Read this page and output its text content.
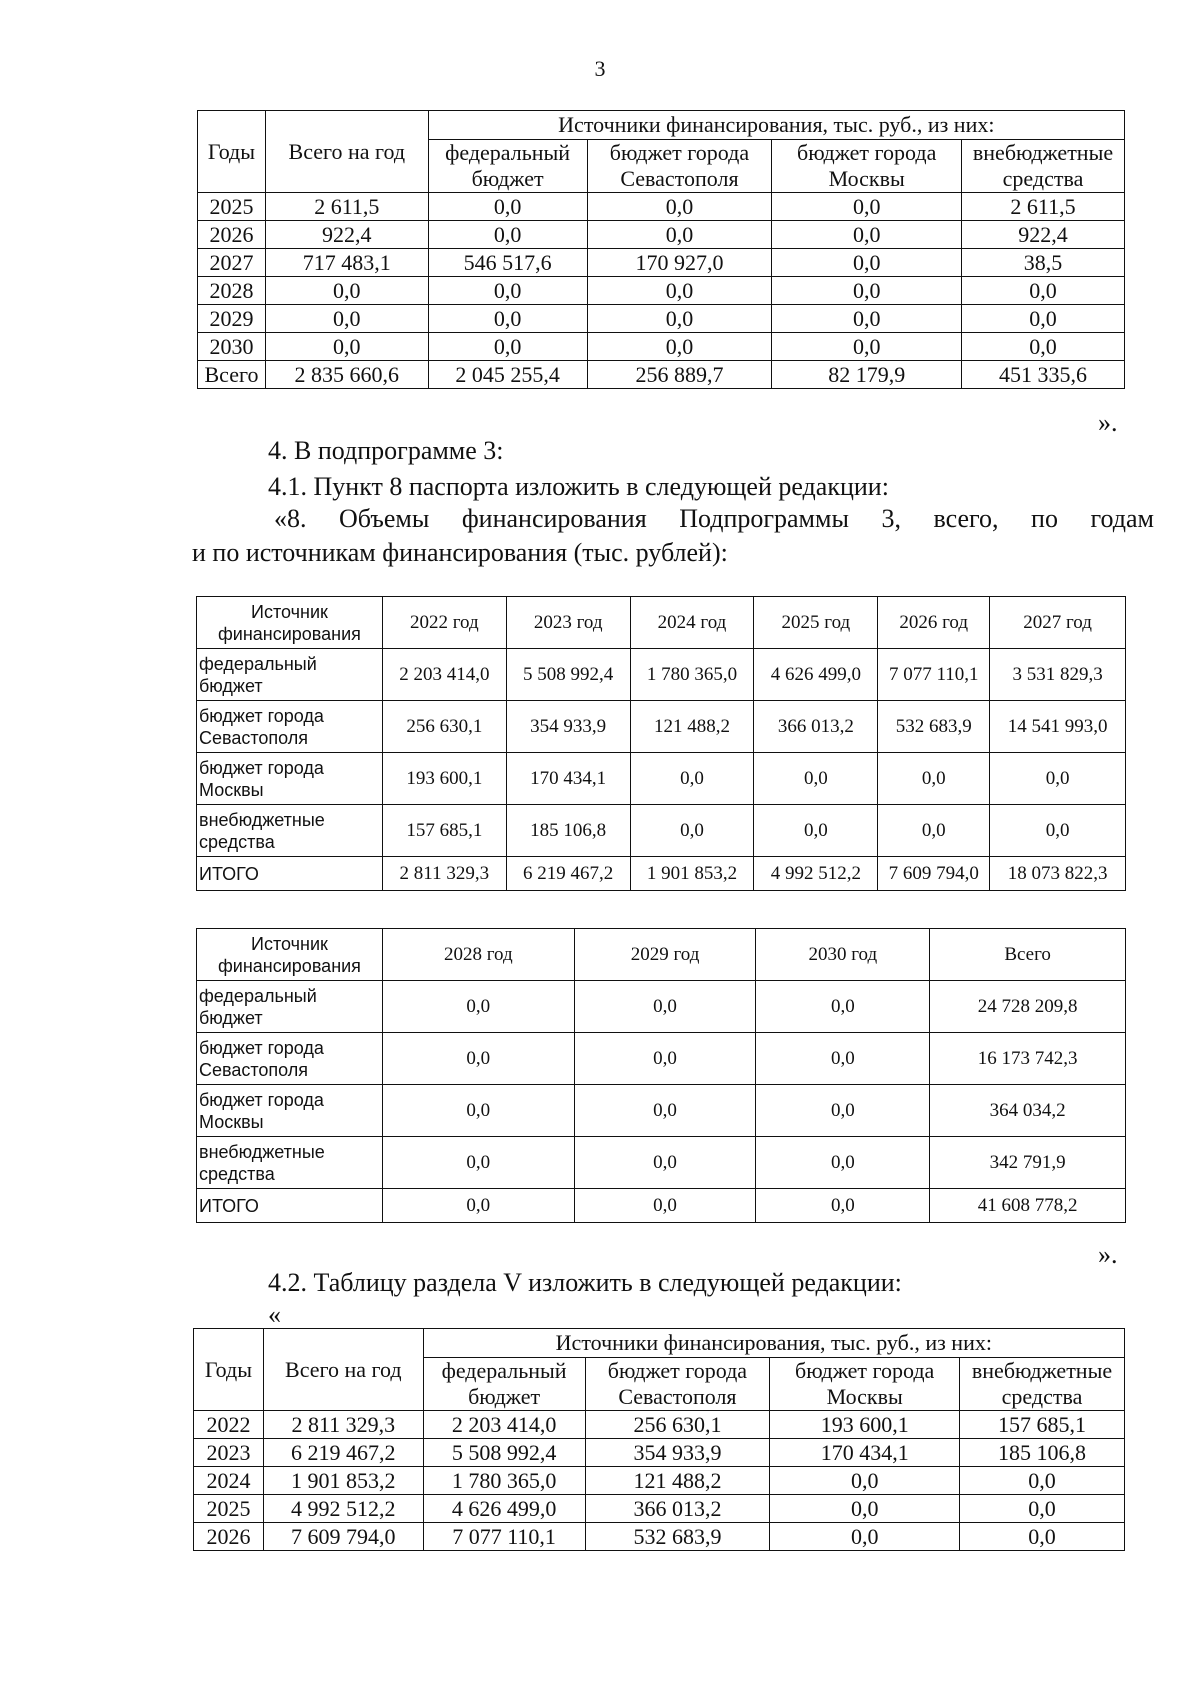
3
Годы	Всего на год	Источники финансирования, тыс. руб., из них:			
		федеральный бюджет	бюджет города Севастополя	бюджет города Москвы	внебюджетные средства
2025	2 611,5	0,0	0,0	0,0	2 611,5
2026	922,4	0,0	0,0	0,0	922,4
2027	717 483,1	546 517,6	170 927,0	0,0	38,5
2028	0,0	0,0	0,0	0,0	0,0
2029	0,0	0,0	0,0	0,0	0,0
2030	0,0	0,0	0,0	0,0	0,0
Всего	2 835 660,6	2 045 255,4	256 889,7	82 179,9	451 335,6
».
4. В подпрограмме 3:
4.1. Пункт 8 паспорта изложить в следующей редакции:
«8. Объемы финансирования Подпрограммы 3, всего, по годам
и по источникам финансирования (тыс. рублей):
Источник финансирования	2022 год	2023 год	2024 год	2025 год	2026 год	2027 год
федеральный бюджет	2 203 414,0	5 508 992,4	1 780 365,0	4 626 499,0	7 077 110,1	3 531 829,3
бюджет города Севастополя	256 630,1	354 933,9	121 488,2	366 013,2	532 683,9	14 541 993,0
бюджет города Москвы	193 600,1	170 434,1	0,0	0,0	0,0	0,0
внебюджетные средства	157 685,1	185 106,8	0,0	0,0	0,0	0,0
ИТОГО	2 811 329,3	6 219 467,2	1 901 853,2	4 992 512,2	7 609 794,0	18 073 822,3
Источник финансирования	2028 год	2029 год	2030 год	Всего
федеральный бюджет	0,0	0,0	0,0	24 728 209,8
бюджет города Севастополя	0,0	0,0	0,0	16 173 742,3
бюджет города Москвы	0,0	0,0	0,0	364 034,2
внебюджетные средства	0,0	0,0	0,0	342 791,9
ИТОГО	0,0	0,0	0,0	41 608 778,2
».
4.2. Таблицу раздела V изложить в следующей редакции:
«
Годы	Всего на год	Источники финансирования, тыс. руб., из них:			
		федеральный бюджет	бюджет города Севастополя	бюджет города Москвы	внебюджетные средства
2022	2 811 329,3	2 203 414,0	256 630,1	193 600,1	157 685,1
2023	6 219 467,2	5 508 992,4	354 933,9	170 434,1	185 106,8
2024	1 901 853,2	1 780 365,0	121 488,2	0,0	0,0
2025	4 992 512,2	4 626 499,0	366 013,2	0,0	0,0
2026	7 609 794,0	7 077 110,1	532 683,9	0,0	0,0
